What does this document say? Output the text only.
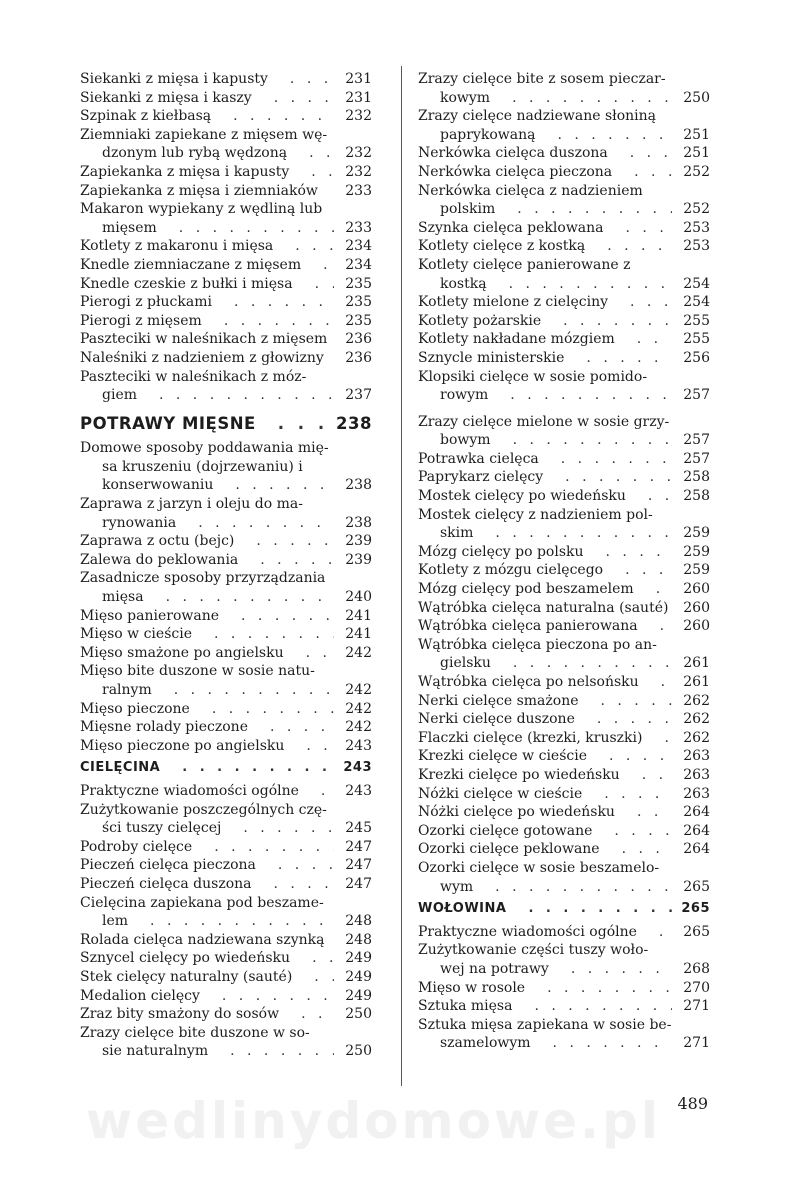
wedlinydomowe.pl
Siekanki z mięsa i kapusty . . .	231
Siekanki z mięsa i kaszy . . .	231
Szpinak z kiełbasą . . .	232
Ziemniaki zapiekane z mięsem wę-
dzonym lub rybą wędzoną . . .	232
Zapiekanka z mięsa i kapusty . . .	232
Zapiekanka z mięsa i ziemniaków . . .	233
Makaron wypiekany z wędliną lub
mięsem . . .	233
Kotlety z makaronu i mięsa . . .	234
Knedle ziemniaczane z mięsem . . .	234
Knedle czeskie z bułki i mięsa . . .	235
Pierogi z płuckami . . .	235
Pierogi z mięsem . . .	235
Paszteciki w naleśnikach z mięsem . . .	236
Naleśniki z nadzieniem z głowizny . . .	236
Paszteciki w naleśnikach z móz-
giem . . .	237
POTRAWY MIĘSNE . . .	238
Domowe sposoby poddawania mię-
sa kruszeniu (dojrzewaniu) i
konserwowaniu . . .	238
Zaprawa z jarzyn i oleju do ma-
rynowania . . .	238
Zaprawa z octu (bejc) . . .	239
Zalewa do peklowania . . .	239
Zasadnicze sposoby przyrządzania
mięsa . . .	240
Mięso panierowane . . .	241
Mięso w cieście . . .	241
Mięso smażone po angielsku . . .	242
Mięso bite duszone w sosie natu-
ralnym . . .	242
Mięso pieczone . . .	242
Mięsne rolady pieczone . . .	242
Mięso pieczone po angielsku . . .	243
CIELĘCINA . . .	243
Praktyczne wiadomości ogólne . . .	243
Zużytkowanie poszczególnych czę-
ści tuszy cielęcej . . .	245
Podroby cielęce . . .	247
Pieczeń cielęca pieczona . . .	247
Pieczeń cielęca duszona . . .	247
Cielęcina zapiekana pod beszame-
lem . . .	248
Rolada cielęca nadziewana szynką . . .	248
Sznycel cielęcy po wiedeńsku . . .	249
Stek cielęcy naturalny (sauté) . . .	249
Medalion cielęcy . . .	249
Zraz bity smażony do sosów . . .	250
Zrazy cielęce bite duszone w so-
sie naturalnym . . .	250
Zrazy cielęce bite z sosem pieczar-
kowym . . .	250
Zrazy cielęce nadziewane słoniną
paprykowaną . . .	251
Nerkówka cielęca duszona . . .	251
Nerkówka cielęca pieczona . . .	252
Nerkówka cielęca z nadzieniem
polskim . . .	252
Szynka cielęca peklowana . . .	253
Kotlety cielęce z kostką . . .	253
Kotlety cielęce panierowane z
kostką . . .	254
Kotlety mielone z cielęciny . . .	254
Kotlety pożarskie . . .	255
Kotlety nakładane mózgiem . . .	255
Sznycle ministerskie . . .	256
Klopsiki cielęce w sosie pomido-
rowym . . .	257
Zrazy cielęce mielone w sosie grzy-
bowym . . .	257
Potrawka cielęca . . .	257
Paprykarz cielęcy . . .	258
Mostek cielęcy po wiedeńsku . . .	258
Mostek cielęcy z nadzieniem pol-
skim . . .	259
Mózg cielęcy po polsku . . .	259
Kotlety z mózgu cielęcego . . .	259
Mózg cielęcy pod beszamelem . . .	260
Wątróbka cielęca naturalna (sauté) . . .	260
Wątróbka cielęca panierowana . . .	260
Wątróbka cielęca pieczona po an-
gielsku . . .	261
Wątróbka cielęca po nelsońsku . . .	261
Nerki cielęce smażone . . .	262
Nerki cielęce duszone . . .	262
Flaczki cielęce (krezki, kruszki) . . .	262
Krezki cielęce w cieście . . .	263
Krezki cielęce po wiedeńsku . . .	263
Nóżki cielęce w cieście . . .	263
Nóżki cielęce po wiedeńsku . . .	264
Ozorki cielęce gotowane . . .	264
Ozorki cielęce peklowane . . .	264
Ozorki cielęce w sosie beszamelo-
wym . . .	265
WOŁOWINA . . .	265
Praktyczne wiadomości ogólne . . .	265
Zużytkowanie części tuszy woło-
wej na potrawy . . .	268
Mięso w rosole . . .	270
Sztuka mięsa . . .	271
Sztuka mięsa zapiekana w sosie be-
szamelowym . . .	271
489
